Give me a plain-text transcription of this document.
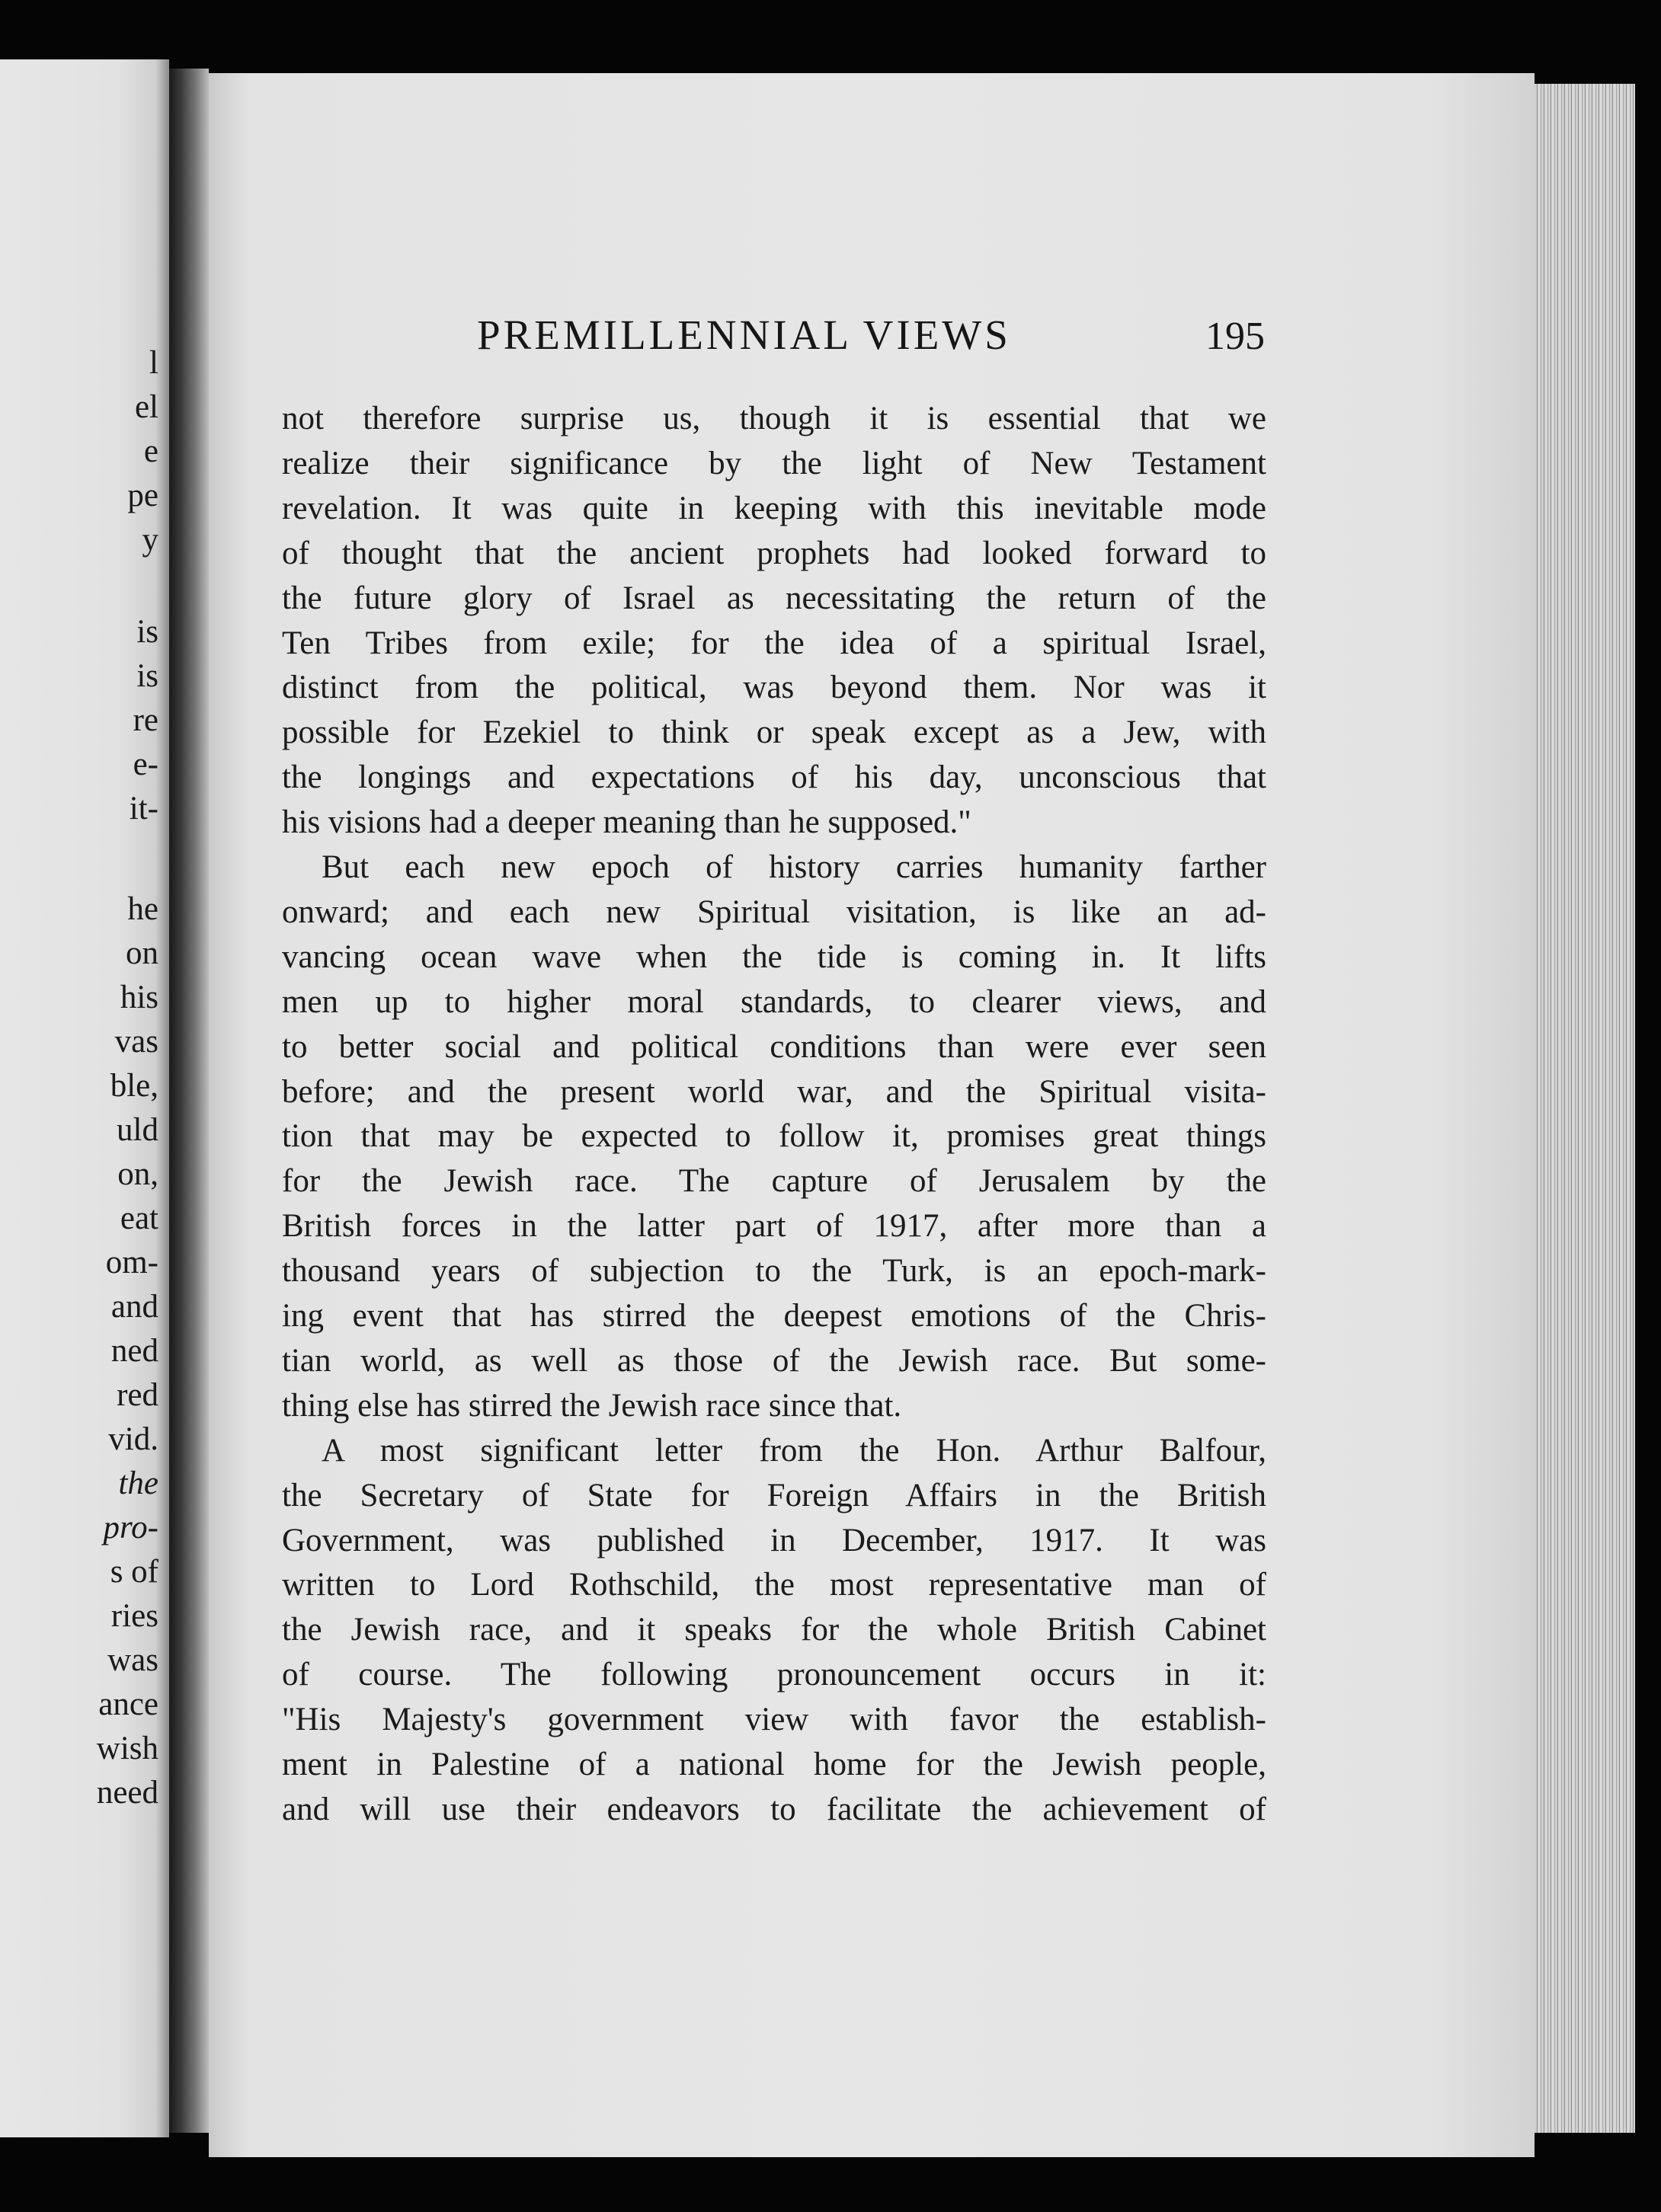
l
el
e
pe
y
is
is
re
e-
it-
he
on
his
vas
ble,
uld
on,
eat
om-
and
ned
red
vid.
the
pro-
s of
ries
was
ance
wish
need
PREMILLENNIAL VIEWS	195
not therefore surprise us, though it is essential that we
realize their significance by the light of New Testament
revelation. It was quite in keeping with this inevitable mode
of thought that the ancient prophets had looked forward to
the future glory of Israel as necessitating the return of the
Ten Tribes from exile; for the idea of a spiritual Israel,
distinct from the political, was beyond them. Nor was it
possible for Ezekiel to think or speak except as a Jew, with
the longings and expectations of his day, unconscious that
his visions had a deeper meaning than he supposed."
But each new epoch of history carries humanity farther
onward; and each new Spiritual visitation, is like an ad-
vancing ocean wave when the tide is coming in. It lifts
men up to higher moral standards, to clearer views, and
to better social and political conditions than were ever seen
before; and the present world war, and the Spiritual visita-
tion that may be expected to follow it, promises great things
for the Jewish race. The capture of Jerusalem by the
British forces in the latter part of 1917, after more than a
thousand years of subjection to the Turk, is an epoch-mark-
ing event that has stirred the deepest emotions of the Chris-
tian world, as well as those of the Jewish race. But some-
thing else has stirred the Jewish race since that.
A most significant letter from the Hon. Arthur Balfour,
the Secretary of State for Foreign Affairs in the British
Government, was published in December, 1917. It was
written to Lord Rothschild, the most representative man of
the Jewish race, and it speaks for the whole British Cabinet
of course. The following pronouncement occurs in it:
"His Majesty's government view with favor the establish-
ment in Palestine of a national home for the Jewish people,
and will use their endeavors to facilitate the achievement of
